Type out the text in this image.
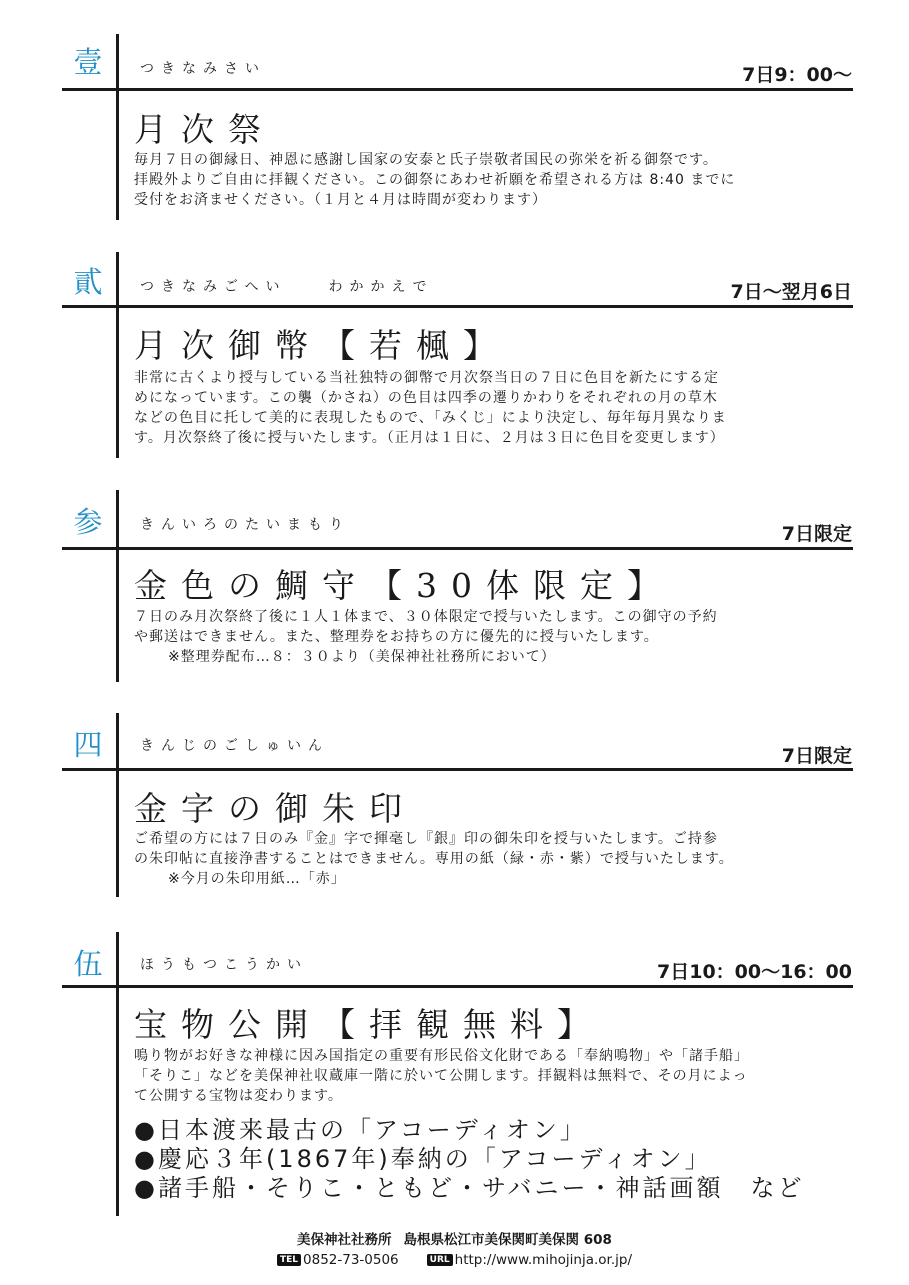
壹	つきなみさい	7日9：00〜
月次祭

毎月７日の御縁日、神恩に感謝し国家の安泰と氏子崇敬者国民の弥栄を祈る御祭です。

拝殿外よりご自由に拝観ください。この御祭にあわせ祈願を希望される方は 8:40 までに

受付をお済ませください。（１月と４月は時間が変わります）

貳	つきなみごへい　　わかかえで	7日〜翌月6日
月次御幣【若楓】

非常に古くより授与している当社独特の御幣で月次祭当日の７日に色目を新たにする定

めになっています。この襲（かさね）の色目は四季の遷りかわりをそれぞれの月の草木

などの色目に托して美的に表現したもので、「みくじ」により決定し、毎年毎月異なりま

す。月次祭終了後に授与いたします。（正月は１日に、２月は３日に色目を変更します）

参	きんいろのたいまもり	7日限定
金色の鯛守【30体限定】

７日のみ月次祭終了後に１人１体まで、３０体限定で授与いたします。この御守の予約

や郵送はできません。また、整理券をお持ちの方に優先的に授与いたします。

※整理券配布…８：３０より（美保神社社務所において）

四	きんじのごしゅいん	7日限定
金字の御朱印

ご希望の方には７日のみ『金』字で揮毫し『銀』印の御朱印を授与いたします。ご持参

の朱印帖に直接浄書することはできません。専用の紙（緑・赤・紫）で授与いたします。

※今月の朱印用紙…「赤」

伍	ほうもつこうかい	7日10：00〜16：00
宝物公開【拝観無料】

鳴り物がお好きな神様に因み国指定の重要有形民俗文化財である「奉納鳴物」や「諸手船」

「そりこ」などを美保神社収蔵庫一階に於いて公開します。拝観料は無料で、その月によっ

て公開する宝物は変わります。

●日本渡来最古の「アコーディオン」
●慶応３年(1867年)奉納の「アコーディオン」
●諸手船・そりこ・ともど・サバニー・神話画額　など
美保神社社務所 島根県松江市美保関町美保関 608
TEL 0852-73-0506	URL http://www.mihojinja.or.jp/
